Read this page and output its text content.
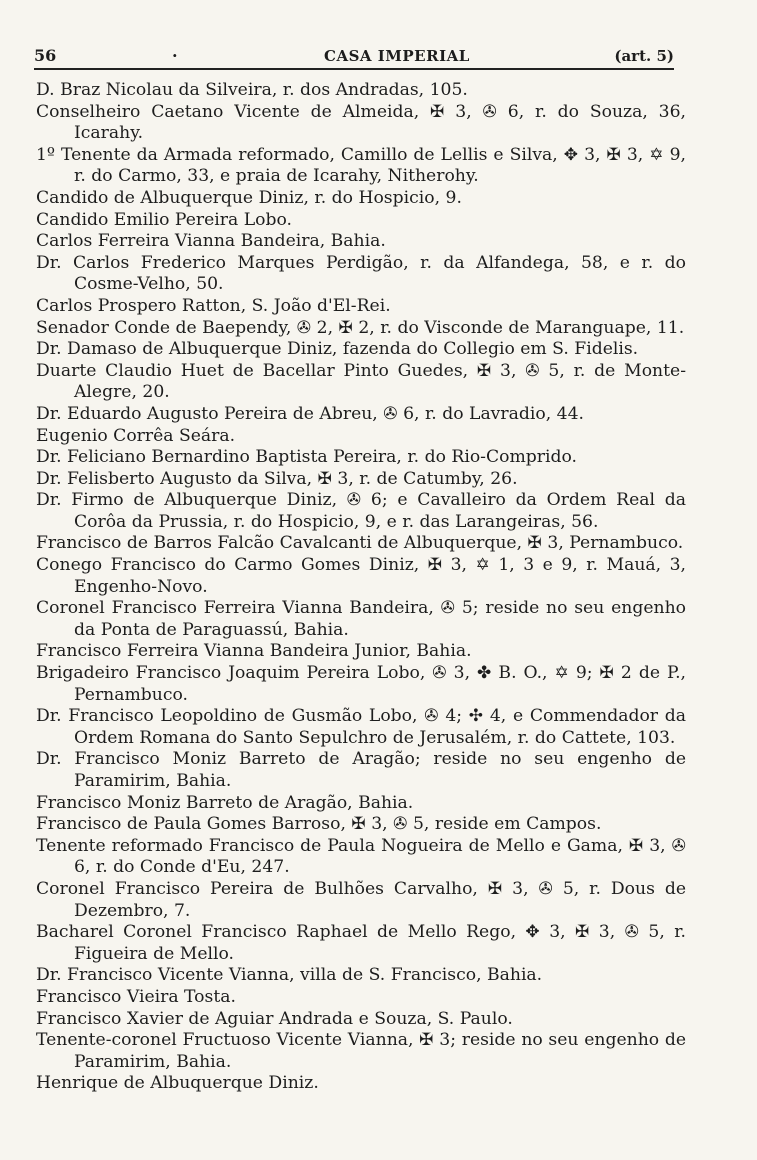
56	.	CASA IMPERIAL	(art. 5)

D. Braz Nicolau da Silveira, r. dos Andradas, 105.

Conselheiro Caetano Vicente de Almeida, ✠ 3, ✇ 6, r. do Souza, 36, Icarahy.

1º Tenente da Armada reformado, Camillo de Lellis e Silva, ✥ 3, ✠ 3, ✡ 9, r. do Carmo, 33, e praia de Icarahy, Nitherohy.

Candido de Albuquerque Diniz, r. do Hospicio, 9.

Candido Emilio Pereira Lobo.

Carlos Ferreira Vianna Bandeira, Bahia.

Dr. Carlos Frederico Marques Perdigão, r. da Alfandega, 58, e r. do Cosme-Velho, 50.

Carlos Prospero Ratton, S. João d'El-Rei.

Senador Conde de Baependy, ✇ 2, ✠ 2, r. do Visconde de Maranguape, 11.

Dr. Damaso de Albuquerque Diniz, fazenda do Collegio em S. Fidelis.

Duarte Claudio Huet de Bacellar Pinto Guedes, ✠ 3, ✇ 5, r. de Monte-Alegre, 20.

Dr. Eduardo Augusto Pereira de Abreu, ✇ 6, r. do Lavradio, 44.

Eugenio Corrêa Seára.

Dr. Feliciano Bernardino Baptista Pereira, r. do Rio-Comprido.

Dr. Felisberto Augusto da Silva, ✠ 3, r. de Catumby, 26.

Dr. Firmo de Albuquerque Diniz, ✇ 6; e Cavalleiro da Ordem Real da Corôa da Prussia, r. do Hospicio, 9, e r. das Larangeiras, 56.

Francisco de Barros Falcão Cavalcanti de Albuquerque, ✠ 3, Pernambuco.

Conego Francisco do Carmo Gomes Diniz, ✠ 3, ✡ 1, 3 e 9, r. Mauá, 3, Engenho-Novo.

Coronel Francisco Ferreira Vianna Bandeira, ✇ 5; reside no seu engenho da Ponta de Paraguassú, Bahia.

Francisco Ferreira Vianna Bandeira Junior, Bahia.

Brigadeiro Francisco Joaquim Pereira Lobo, ✇ 3, ✤ B. O., ✡ 9; ✠ 2 de P., Pernambuco.

Dr. Francisco Leopoldino de Gusmão Lobo, ✇ 4; ✣ 4, e Commendador da Ordem Romana do Santo Sepulchro de Jerusalém, r. do Cattete, 103.

Dr. Francisco Moniz Barreto de Aragão; reside no seu engenho de Paramirim, Bahia.

Francisco Moniz Barreto de Aragão, Bahia.

Francisco de Paula Gomes Barroso, ✠ 3, ✇ 5, reside em Campos.

Tenente reformado Francisco de Paula Nogueira de Mello e Gama, ✠ 3, ✇ 6, r. do Conde d'Eu, 247.

Coronel Francisco Pereira de Bulhões Carvalho, ✠ 3, ✇ 5, r. Dous de Dezembro, 7.

Bacharel Coronel Francisco Raphael de Mello Rego, ✥ 3, ✠ 3, ✇ 5, r. Figueira de Mello.

Dr. Francisco Vicente Vianna, villa de S. Francisco, Bahia.

Francisco Vieira Tosta.

Francisco Xavier de Aguiar Andrada e Souza, S. Paulo.

Tenente-coronel Fructuoso Vicente Vianna, ✠ 3; reside no seu engenho de Paramirim, Bahia.

Henrique de Albuquerque Diniz.
